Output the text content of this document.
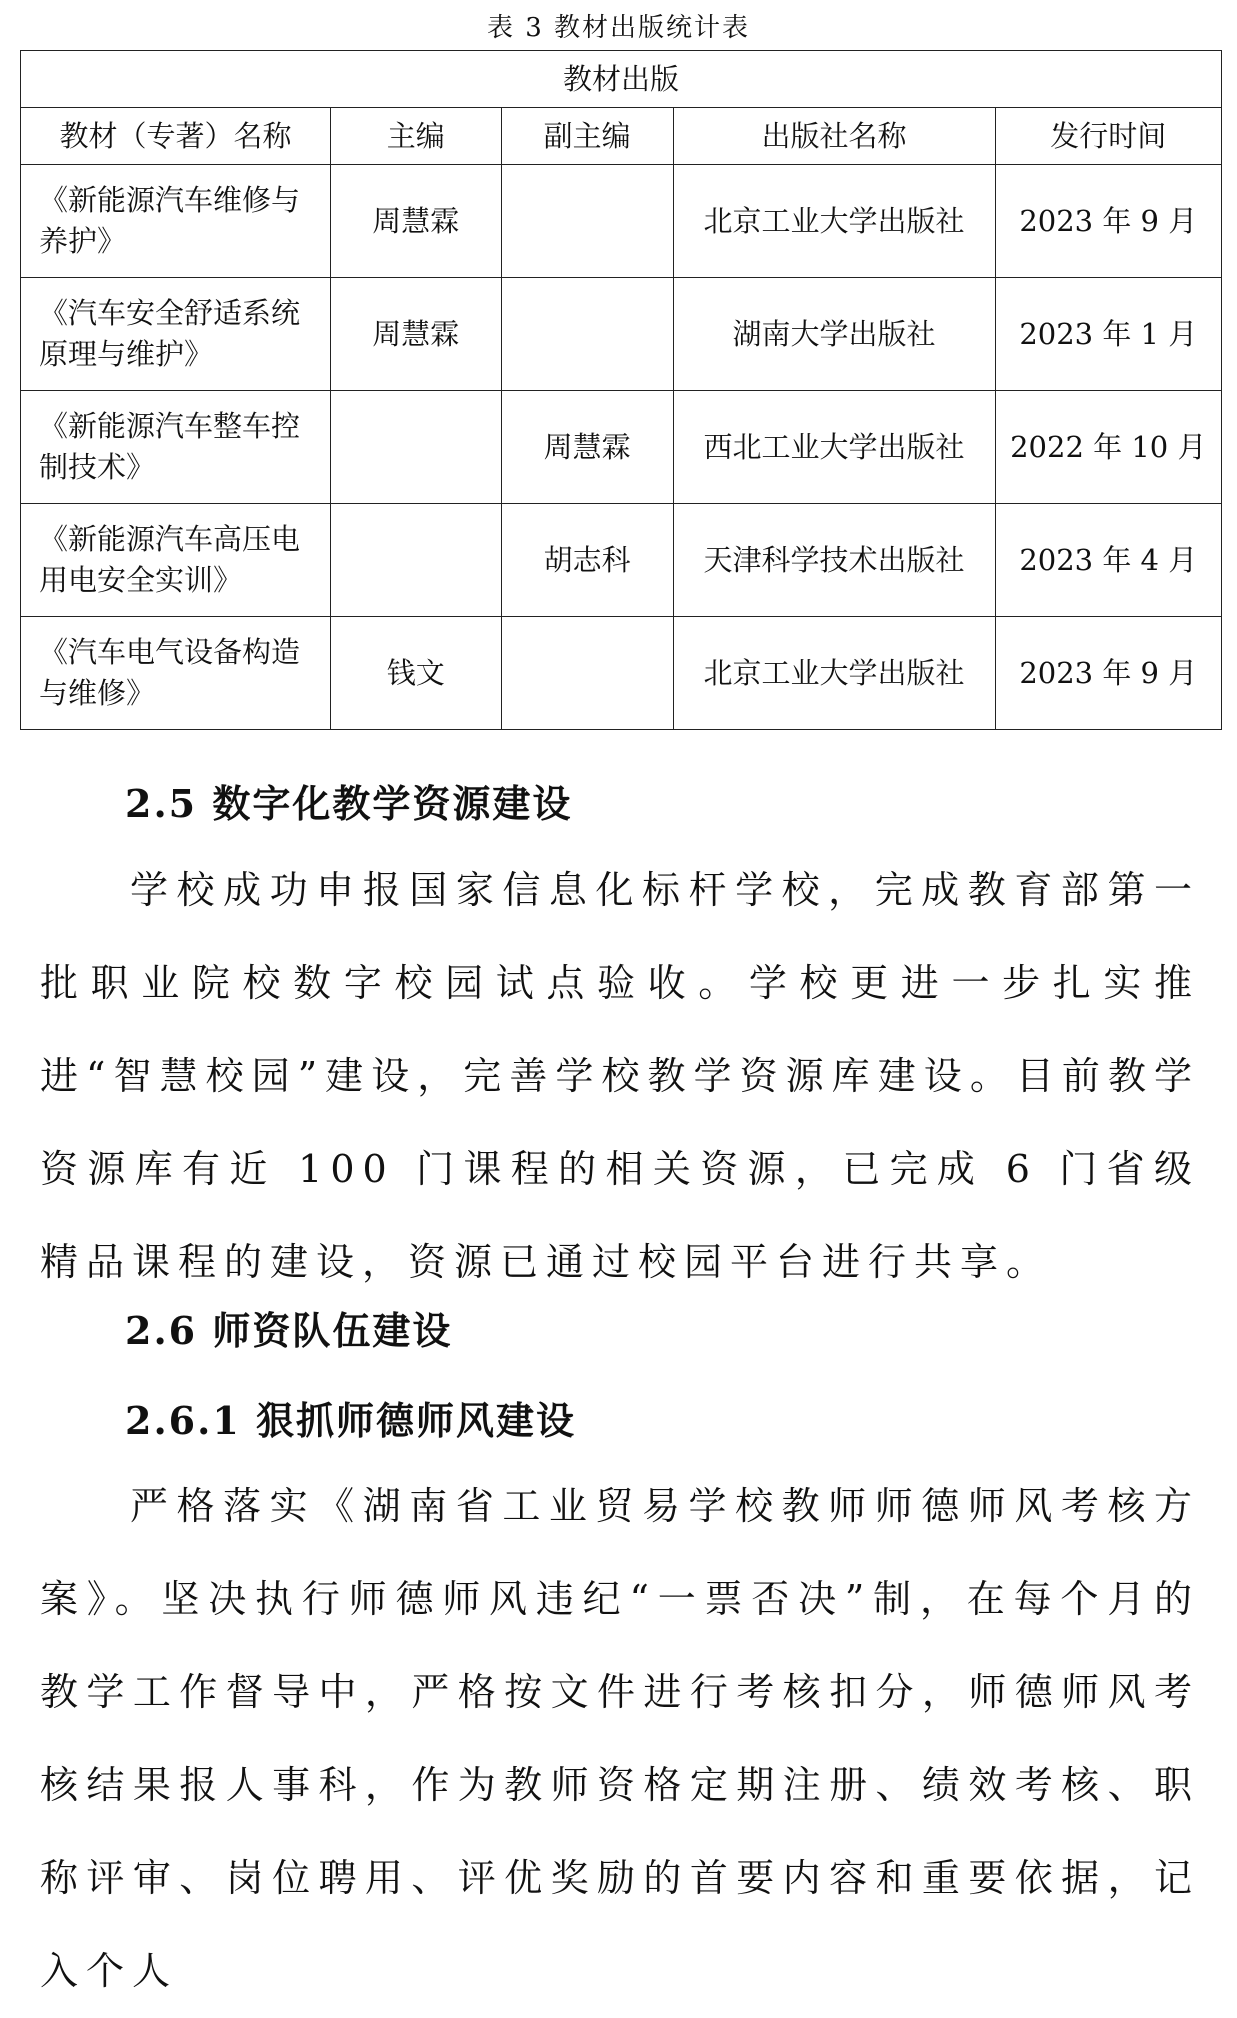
表 3 教材出版统计表
教材出版				
教材（专著）名称	主编	副主编	出版社名称	发行时间
《新能源汽车维修与养护》	周慧霖		北京工业大学出版社	2023 年 9 月
《汽车安全舒适系统原理与维护》	周慧霖		湖南大学出版社	2023 年 1 月
《新能源汽车整车控制技术》		周慧霖	西北工业大学出版社	2022 年 10 月
《新能源汽车高压电用电安全实训》		胡志科	天津科学技术出版社	2023 年 4 月
《汽车电气设备构造与维修》	钱文		北京工业大学出版社	2023 年 9 月
2.5 数字化教学资源建设
学校成功申报国家信息化标杆学校，完成教育部第一批职业院校数字校园试点验收。学校更进一步扎实推进“智慧校园”建设，完善学校教学资源库建设。目前教学资源库有近 100 门课程的相关资源，已完成 6 门省级精品课程的建设，资源已通过校园平台进行共享。
2.6 师资队伍建设
2.6.1 狠抓师德师风建设
严格落实《湖南省工业贸易学校教师师德师风考核方案》。坚决执行师德师风违纪“一票否决”制，在每个月的教学工作督导中，严格按文件进行考核扣分，师德师风考核结果报人事科，作为教师资格定期注册、绩效考核、职称评审、岗位聘用、评优奖励的首要内容和重要依据，记入个人
